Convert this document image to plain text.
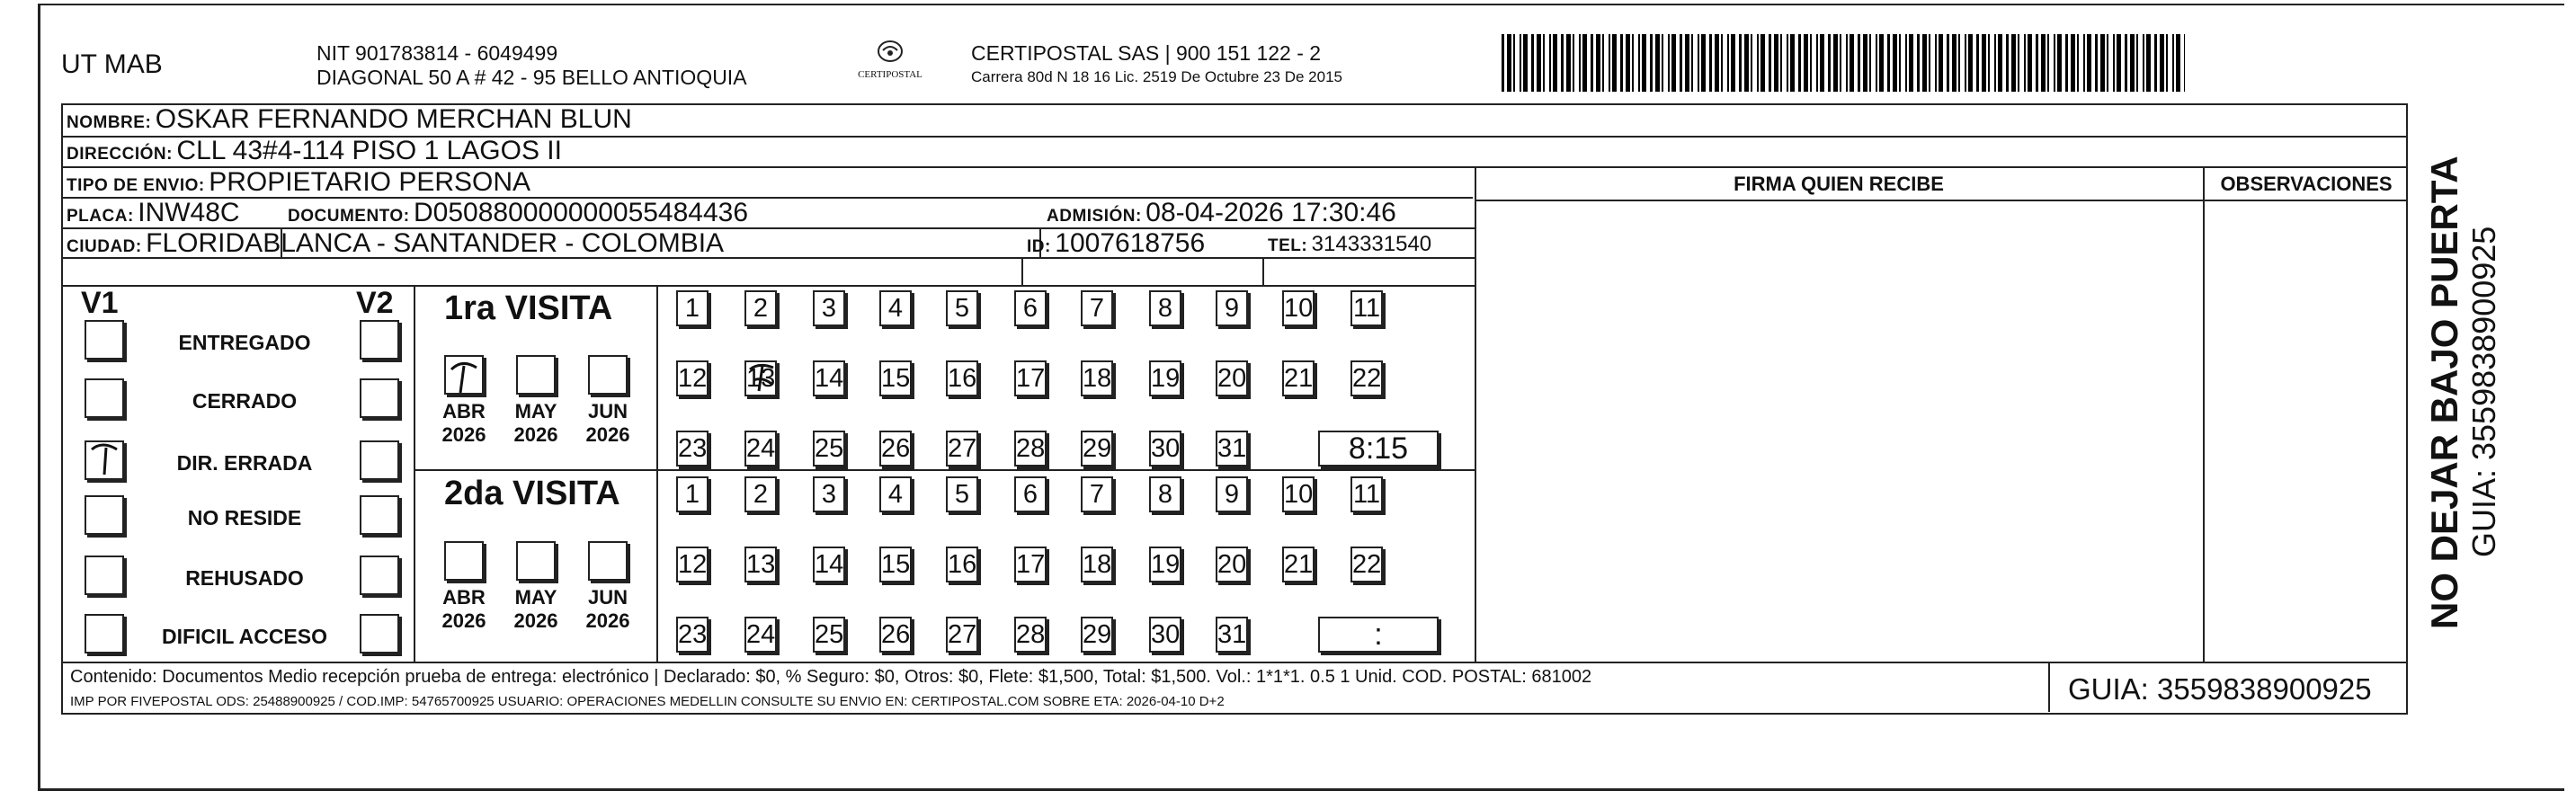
UT MAB	NIT 901783814 - 6049499
DIAGONAL 50 A # 42 - 95 BELLO ANTIOQUIA	CERTIPOSTAL
CERTIPOSTAL SAS | 900 151 122 - 2
Carrera 80d N 18 16 Lic. 2519 De Octubre 23 De 2015
NOMBRE: OSKAR FERNANDO MERCHAN BLUN
DIRECCIÓN: CLL 43#4-114 PISO 1 LAGOS II
TIPO DE ENVIO: PROPIETARIO PERSONA	FIRMA QUIEN RECIBE	OBSERVACIONES
PLACA: INW48C	DOCUMENTO: D050880000000055484436	ADMISIÓN: 08-04-2026 17:30:46
CIUDAD: FLORIDABLANCA - SANTANDER - COLOMBIA	ID: 1007618756	TEL: 3143331540
V1	V2 1ra VISITA
2da VISITA
Contenido: Documentos Medio recepción prueba de entrega: electrónico | Declarado: $0, % Seguro: $0, Otros: $0, Flete: $1,500, Total: $1,500. Vol.: 1*1*1. 0.5 1 Unid. COD. POSTAL: 681002
IMP POR FIVEPOSTAL ODS: 25488900925 / COD.IMP: 54765700925 USUARIO: OPERACIONES MEDELLIN CONSULTE SU ENVIO EN: CERTIPOSTAL.COM SOBRE ETA: 2026-04-10 D+2	GUIA: 3559838900925
NO DEJAR BAJO PUERTA GUIA: 3559838900925
ENTREGADO
CERRADO
DIR. ERRADA
NO RESIDE
REHUSADO
DIFICIL ACCESO
ABR
2026
MAY
2026
JUN
2026
ABR
2026
MAY
2026
JUN
2026
1	2	3	4	5	6	7	8	9	10 11
12 13 14 15 16 17 18 19 20 21 22
23 24 25 26 27 28 29 30 31	8:15
1	2	3	4	5	6	7	8	9	10 11
12 13 14 15 16 17 18 19 20 21 22
23 24 25 26 27 28 29 30 31	:
